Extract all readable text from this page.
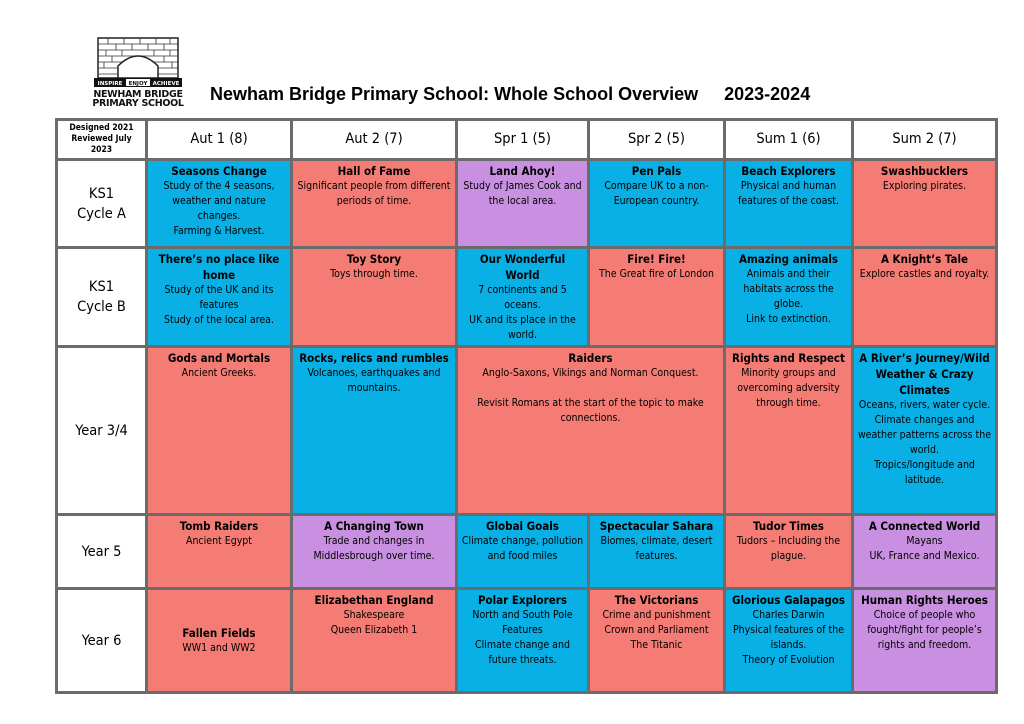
INSPIRE ENJOY ACHIEVE
NEWHAM BRIDGE
PRIMARY SCHOOL	Newham Bridge Primary School: Whole School Overview 2023-2024
Designed 2021
Reviewed July 2023	Aut 1 (8)	Aut 2 (7)	Spr 1 (5)	Spr 2 (5)	Sum 1 (6)	Sum 2 (7)

KS1
Cycle A	Seasons Change
Study of the 4 seasons, weather and nature changes.
Farming & Harvest.	Hall of Fame
Significant people from different periods of time.	Land Ahoy!
Study of James Cook and the local area.	Pen Pals
Compare UK to a non-European country.	Beach Explorers
Physical and human features of the coast.	Swashbucklers
Exploring pirates.

KS1
Cycle B	There’s no place like home
Study of the UK and its features
Study of the local area.	Toy Story
Toys through time.	Our Wonderful World
7 continents and 5 oceans.
UK and its place in the world.	Fire! Fire!
The Great fire of London	Amazing animals
Animals and their habitats across the globe.
Link to extinction.	A Knight’s Tale
Explore castles and royalty.

Year 3/4	Gods and Mortals
Ancient Greeks.	Rocks, relics and rumbles
Volcanoes, earthquakes and mountains.	Raiders
Anglo-Saxons, Vikings and Norman Conquest.
Revisit Romans at the start of the topic to make connections.		Rights and Respect
Minority groups and overcoming adversity through time.	A River’s Journey/Wild Weather & Crazy Climates
Oceans, rivers, water cycle.
Climate changes and weather patterns across the world.
Tropics/longitude and latitude.

Year 5	Tomb Raiders
Ancient Egypt	A Changing Town
Trade and changes in Middlesbrough over time.	Global Goals
Climate change, pollution and food miles	Spectacular Sahara
Biomes, climate, desert features.	Tudor Times
Tudors – Including the plague.	A Connected World
Mayans
UK, France and Mexico.

Year 6	Fallen Fields
WW1 and WW2	Elizabethan England
Shakespeare
Queen Elizabeth 1	Polar Explorers
North and South Pole Features
Climate change and future threats.	The Victorians
Crime and punishment
Crown and Parliament
The Titanic	Glorious Galapagos
Charles Darwin
Physical features of the islands.
Theory of Evolution	Human Rights Heroes
Choice of people who fought/fight for people’s rights and freedom.
